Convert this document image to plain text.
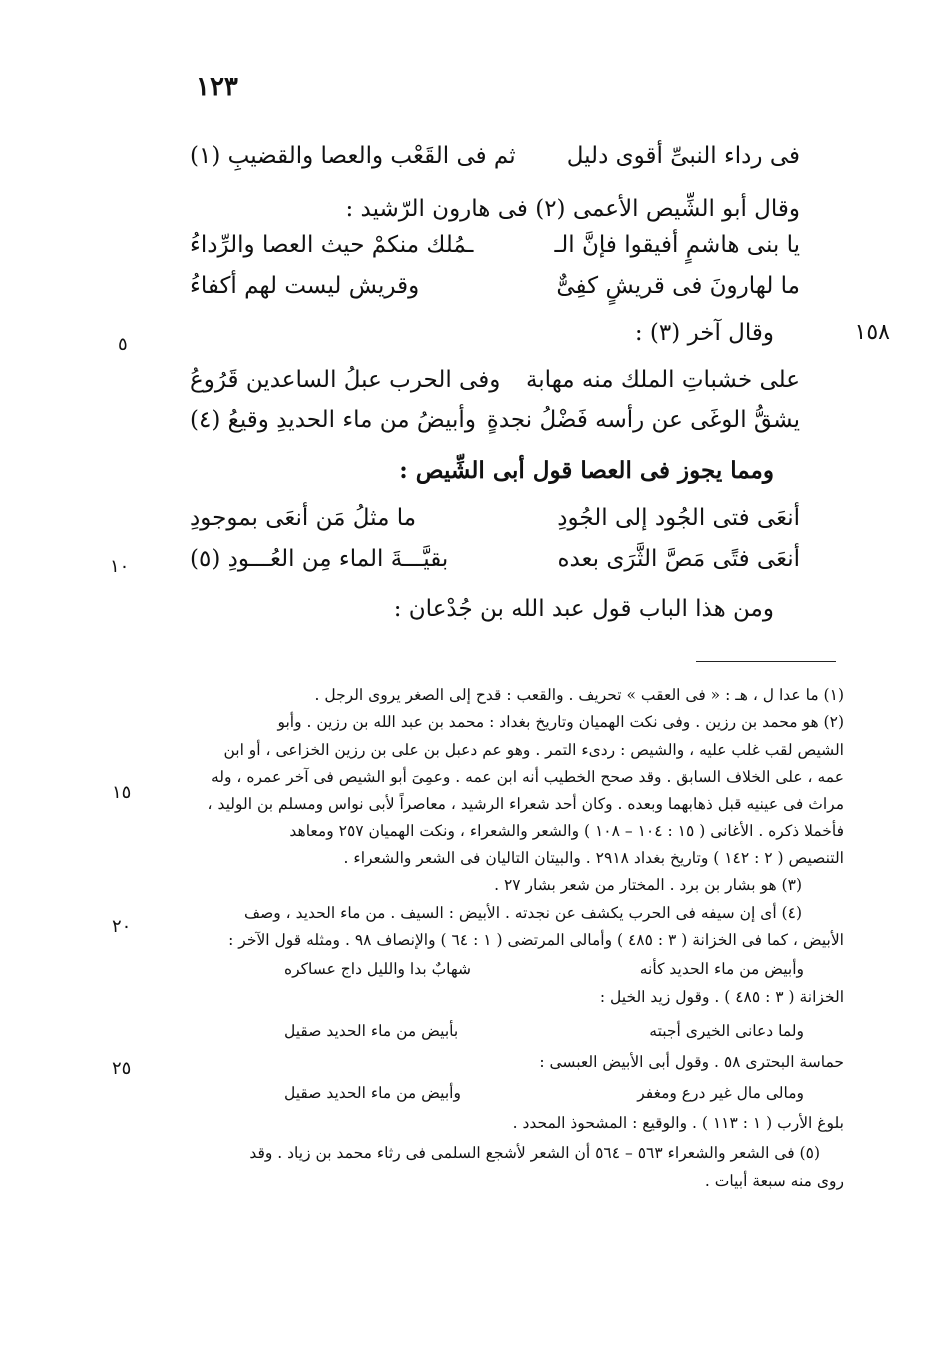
١٢٣
فى رداء النبىِّ أقوى دليل
ثم فى القَعْب والعصا والقضيبِ (١)
وقال أبو الشِّيص الأعمى (٢) فى هارون الرّشيد :
يا بنى هاشمٍ أفيقوا فإنَّ الـ
ـمُلك منكمْ حيث العصا والرِّداءُ
ما لهارونَ فى قريشٍ كفِىٌّ
وقريش ليست لهم أكفاءُ
وقال آخر (٣) :	١٥٨
٥
على خشباتِ الملك منه مهابة
وفى الحرب عبلُ الساعدين قَرُوعُ
يشقُّ الوغَى عن رأسه فَضْلُ نجدةٍ
وأبيضُ من ماء الحديدِ وقيعُ (٤)
ومما يجوز فى العصا قول أبى الشِّيص :
أنعَى فتى الجُود إلى الجُودِ
ما مثلُ مَن أنعَى بموجودِ
أنعَى فتًى مَصَّ الثَّرَى بعده
بقيَّـــةَ الماء مِن العُـــودِ (٥)
١٠
ومن هذا الباب قول عبد الله بن جُدْعان :
(١) ما عدا ل ، هـ : « فى العقب » تحريف . والقعب : قدح إلى الصغر يروى الرجل .
(٢) هو محمد بن رزين . وفى نكت الهميان وتاريخ بغداد : محمد بن عبد الله بن رزين . وأبو
الشيص لقب غلب عليه ، والشيص : ردىء التمر . وهو عم دعبل بن على بن رزين الخزاعى ، أو ابن
عمه ، على الخلاف السابق . وقد صحح الخطيب أنه ابن عمه . وعمِىَ أبو الشيص فى آخر عمره ، وله
١٥
مراث فى عينيه قبل ذهابهما وبعده . وكان أحد شعراء الرشيد ، معاصراً لأبى نواس ومسلم بن الوليد ،
فأخملا ذكره . الأغانى ( ١٥ : ١٠٤ – ١٠٨ ) والشعر والشعراء ، ونكت الهميان ٢٥٧ ومعاهد
التنصيص ( ٢ : ١٤٢ ) وتاريخ بغداد ٢٩١٨ . والبيتان التاليان فى الشعر والشعراء .
(٣) هو بشار بن برد . المختار من شعر بشار ٢٧ .
(٤) أى إن سيفه فى الحرب يكشف عن نجدته . الأبيض : السيف . من ماء الحديد ، وصف
٢٠
الأبيض ، كما فى الخزانة ( ٣ : ٤٨٥ ) وأمالى المرتضى ( ١ : ٦٤ ) والإنصاف ٩٨ . ومثله قول الآخر :
وأبيض من ماء الحديد كأنه
شهابٌ بدا والليل داج عساكره
الخزانة ( ٣ : ٤٨٥ ) . وقول زيد الخيل :
ولما دعانى الخيرى أجبته
بأبيض من ماء الحديد صقيل
حماسة البحترى ٥٨ . وقول أبى الأبيض العبسى :
٢٥
ومالى مال غير درع ومغفر
وأبيض من ماء الحديد صقيل
بلوغ الأرب ( ١ : ١١٣ ) . والوقيع : المشحوذ المحدد .
(٥) فى الشعر والشعراء ٥٦٣ – ٥٦٤ أن الشعر لأشجع السلمى فى رثاء محمد بن زياد . وقد
روى منه سبعة أبيات .
